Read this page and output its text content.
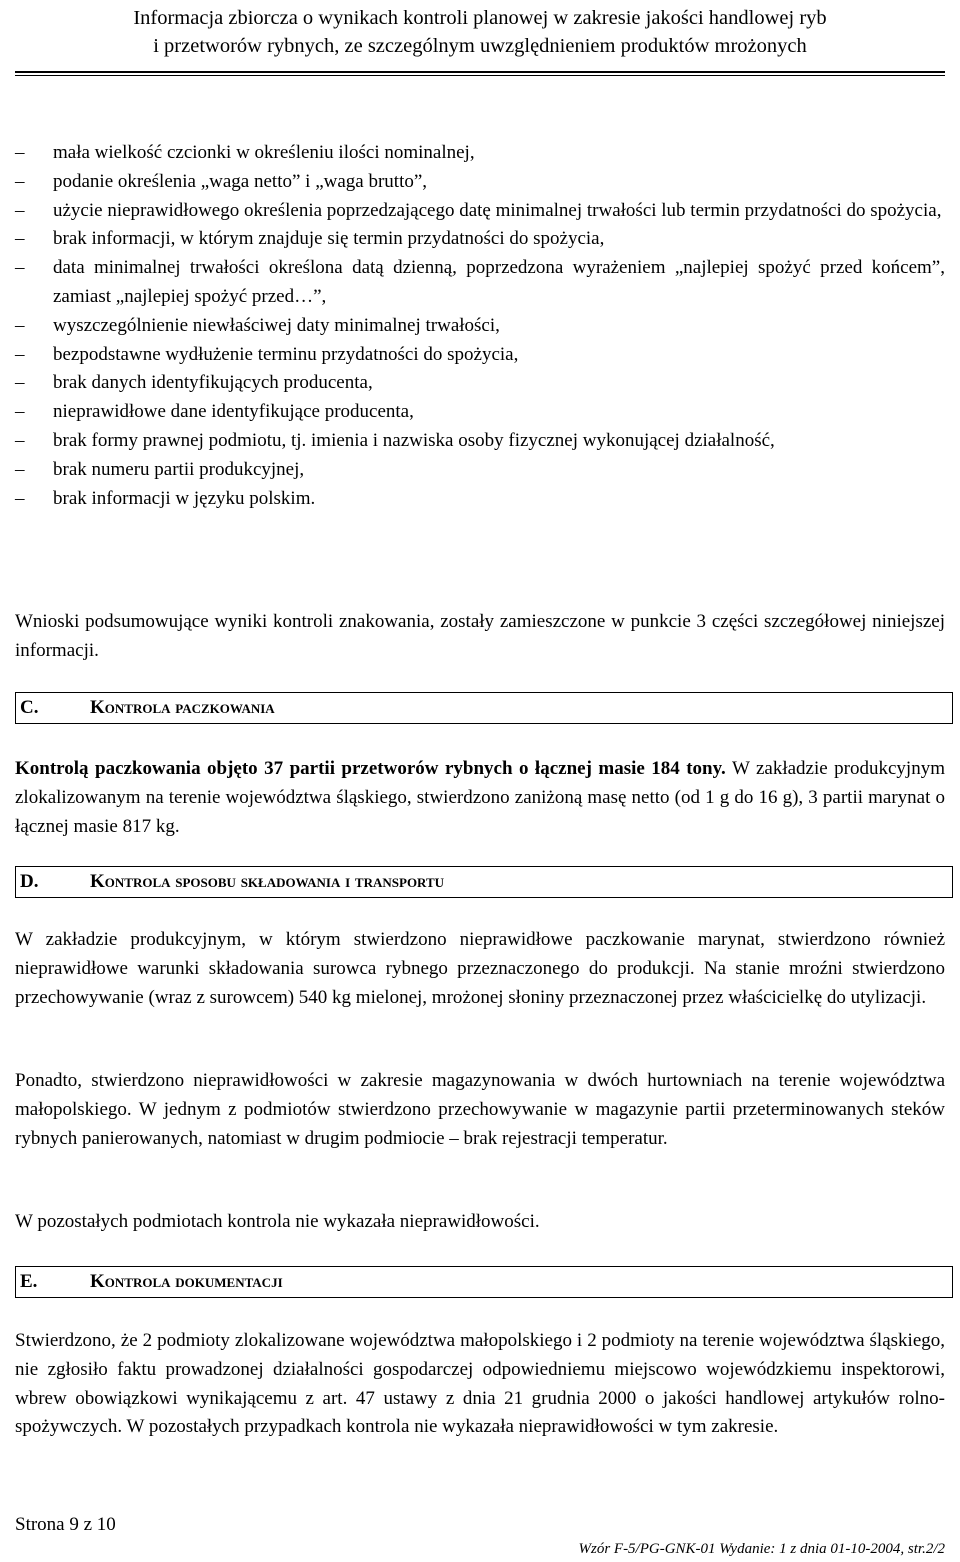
Informacja zbiorcza o wynikach kontroli planowej w zakresie jakości handlowej ryb
i przetworów rybnych, ze szczególnym uwzględnieniem produktów mrożonych
– mała wielkość czcionki w określeniu ilości nominalnej,
– podanie określenia „waga netto” i „waga brutto”,
– użycie nieprawidłowego określenia poprzedzającego datę minimalnej trwałości lub termin przydatności do spożycia,
– brak informacji, w którym znajduje się termin przydatności do spożycia,
– data minimalnej trwałości określona datą dzienną, poprzedzona wyrażeniem „najlepiej spożyć przed końcem”, zamiast „najlepiej spożyć przed…”,
– wyszczególnienie niewłaściwej daty minimalnej trwałości,
– bezpodstawne wydłużenie terminu przydatności do spożycia,
– brak danych identyfikujących producenta,
– nieprawidłowe dane identyfikujące producenta,
– brak formy prawnej podmiotu, tj. imienia i nazwiska osoby fizycznej wykonującej działalność,
– brak numeru partii produkcyjnej,
– brak informacji w języku polskim.

Wnioski podsumowujące wyniki kontroli znakowania, zostały zamieszczone w punkcie 3 części szczegółowej niniejszej informacji.

C.	Kontrola paczkowania

Kontrolą paczkowania objęto 37 partii przetworów rybnych o łącznej masie 184 tony. W zakładzie produkcyjnym zlokalizowanym na terenie województwa śląskiego, stwierdzono zaniżoną masę netto (od 1 g do 16 g), 3 partii marynat o łącznej masie 817 kg.

D.	Kontrola sposobu składowania i transportu

W zakładzie produkcyjnym, w którym stwierdzono nieprawidłowe paczkowanie marynat, stwierdzono również nieprawidłowe warunki składowania surowca rybnego przeznaczonego do produkcji. Na stanie mroźni stwierdzono przechowywanie (wraz z surowcem) 540 kg mielonej, mrożonej słoniny przeznaczonej przez właścicielkę do utylizacji.

Ponadto, stwierdzono nieprawidłowości w zakresie magazynowania w dwóch hurtowniach na terenie województwa małopolskiego. W jednym z podmiotów stwierdzono przechowywanie w magazynie partii przeterminowanych steków rybnych panierowanych, natomiast w drugim podmiocie – brak rejestracji temperatur.

W pozostałych podmiotach kontrola nie wykazała nieprawidłowości.

E.	Kontrola dokumentacji

Stwierdzono, że 2 podmioty zlokalizowane województwa małopolskiego i 2 podmioty na terenie województwa śląskiego, nie zgłosiło faktu prowadzonej działalności gospodarczej odpowiedniemu miejscowo wojewódzkiemu inspektorowi, wbrew obowiązkowi wynikającemu z art. 47 ustawy z dnia 21 grudnia 2000 o jakości handlowej artykułów rolno-spożywczych. W pozostałych przypadkach kontrola nie wykazała nieprawidłowości w tym zakresie.

Strona 9 z 10
Wzór F-5/PG-GNK-01 Wydanie: 1 z dnia 01-10-2004, str.2/2
